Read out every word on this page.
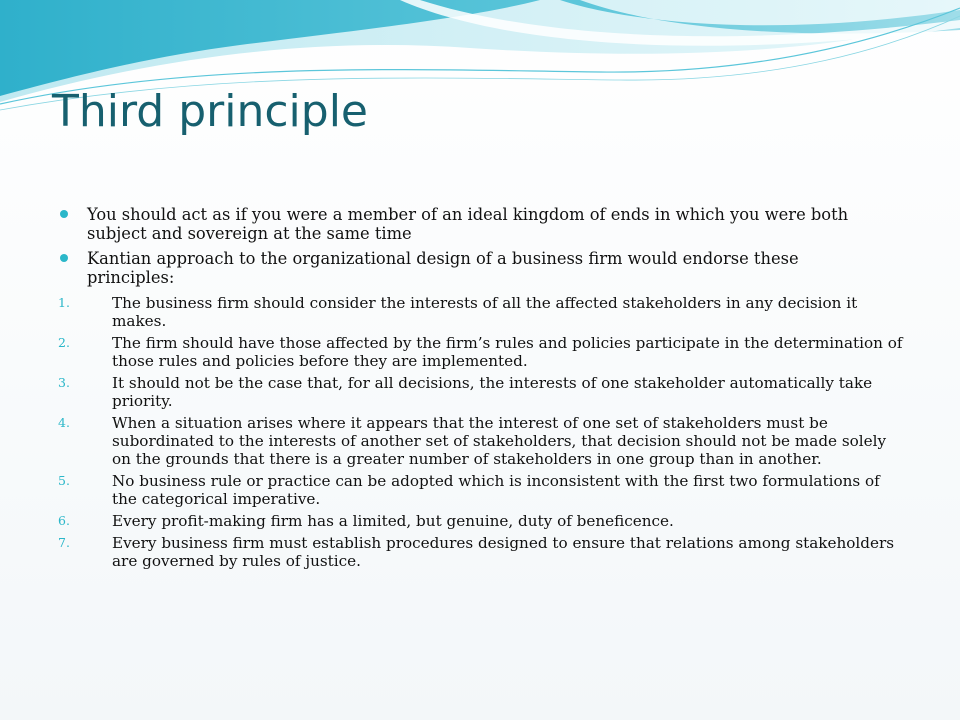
Third principle
You should act as if you were a member of an ideal kingdom of ends in which you were both subject and sovereign at the same time
Kantian approach to the organizational design of a business firm would endorse these principles:
1.	The business firm should consider the interests of all the affected stakeholders in any decision it makes.
2.	The firm should have those affected by the firm’s rules and policies participate in the determination of those rules and policies before they are implemented.
3.	It should not be the case that, for all decisions, the interests of one stakeholder automatically take priority.
4.	When a situation arises where it appears that the interest of one set of stakeholders must be subordinated to the interests of another set of stakeholders, that decision should not be made solely on the grounds that there is a greater number of stakeholders in one group than in another.
5.	No business rule or practice can be adopted which is inconsistent with the first two formulations of the categorical imperative.
6.	Every profit-making firm has a limited, but genuine, duty of beneficence.
7.	Every business firm must establish procedures designed to ensure that relations among stakeholders are governed by rules of justice.
